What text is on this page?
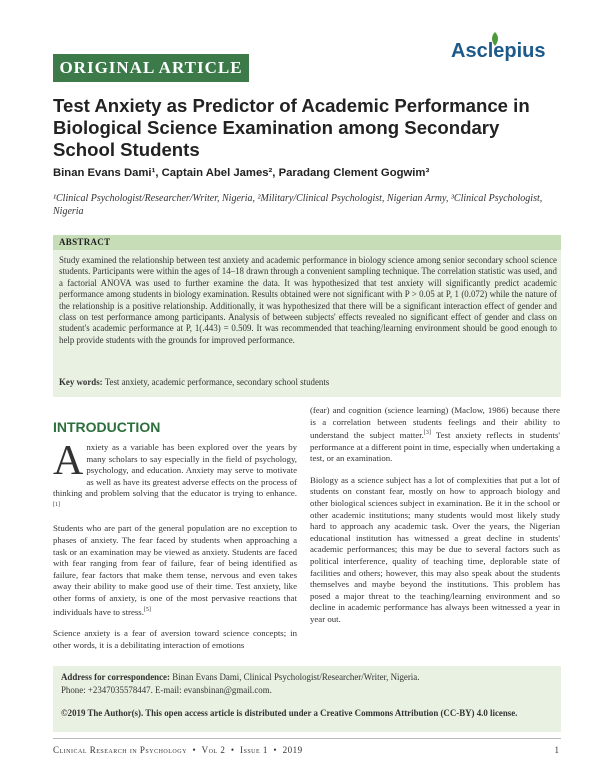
ORIGINAL ARTICLE
Asclepius
Test Anxiety as Predictor of Academic Performance in Biological Science Examination among Secondary School Students
Binan Evans Dami¹, Captain Abel James², Paradang Clement Gogwim³
¹Clinical Psychologist/Researcher/Writer, Nigeria, ²Military/Clinical Psychologist, Nigerian Army, ³Clinical Psychologist, Nigeria
ABSTRACT
Study examined the relationship between test anxiety and academic performance in biology science among senior secondary school science students. Participants were within the ages of 14–18 drawn through a convenient sampling technique. The correlation statistic was used, and a factorial ANOVA was used to further examine the data. It was hypothesized that test anxiety will significantly predict academic performance among students in biology examination. Results obtained were not significant with P > 0.05 at P, 1 (0.072) while the nature of the relationship is a positive relationship. Additionally, it was hypothesized that there will be a significant interaction effect of gender and class on test performance among participants. Analysis of between subjects' effects revealed no significant effect of gender and class on student's academic performance at P, 1(.443) = 0.509. It was recommended that teaching/learning environment should be good enough to help provide students with the grounds for improved performance.
Key words: Test anxiety, academic performance, secondary school students
INTRODUCTION

Anxiety as a variable has been explored over the years by many scholars to say especially in the field of psychology, psychology, and education. Anxiety may serve to motivate as well as have its greatest adverse effects on the process of thinking and problem solving that the educator is trying to enhance.[1]

Students who are part of the general population are no exception to phases of anxiety. The fear faced by students when approaching a task or an examination may be viewed as anxiety. Students are faced with fear ranging from fear of failure, fear of being identified as failure, fear factors that make them tense, nervous and even takes away their ability to make good use of their time. Test anxiety, like other forms of anxiety, is one of the most pervasive reactions that individuals have to stress.[5]

Science anxiety is a fear of aversion toward science concepts; in other words, it is a debilitating interaction of emotions

(fear) and cognition (science learning) (Maclow, 1986) because there is a correlation between students feelings and their ability to understand the subject matter.[3] Test anxiety reflects in students' performance at a different point in time, especially when undertaking a test, or an examination.

Biology as a science subject has a lot of complexities that put a lot of students on constant fear, mostly on how to approach biology and other biological sciences subject in examination. Be it in the school or other academic institutions; many students would most likely study hard to approach any academic task. Over the years, the Nigerian educational institution has witnessed a great decline in students' academic performances; this may be due to several factors such as political interference, quality of teaching time, deplorable state of facilities and others; however, this may also speak about the students themselves and maybe beyond the institutions. This problem has posed a major threat to the teaching/learning environment and so decline in academic performance has always been witnessed a year in year out.

Address for correspondence: Binan Evans Dami, Clinical Psychologist/Researcher/Writer, Nigeria.
Phone: +2347035578447. E-mail: evansbinan@gmail.com.
©2019 The Author(s). This open access article is distributed under a Creative Commons Attribution (CC-BY) 4.0 license.
Clinical Research in Psychology • Vol 2 • Issue 1 • 2019	1
